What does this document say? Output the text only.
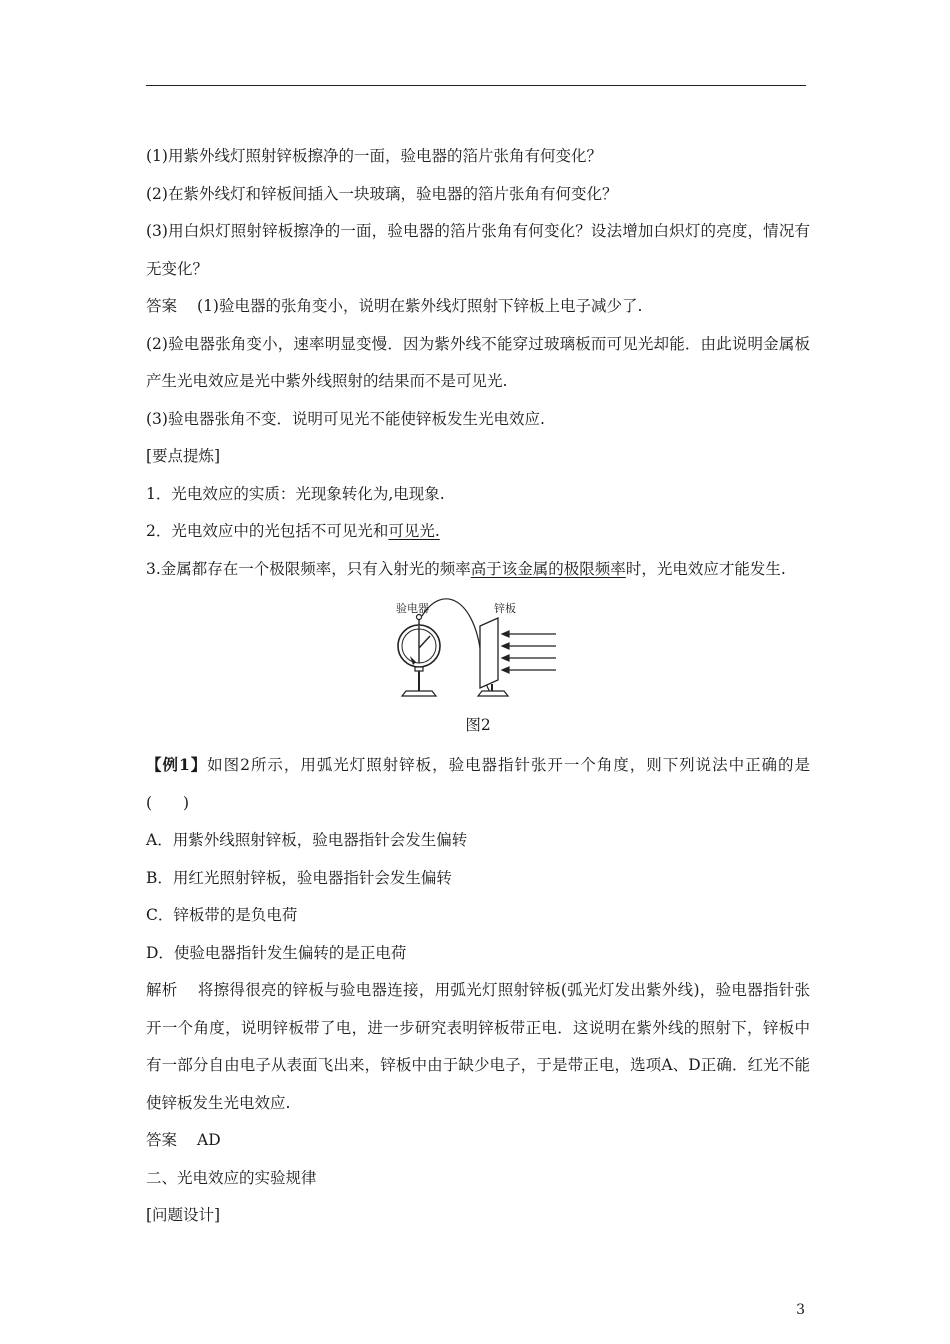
(1)用紫外线灯照射锌板擦净的一面，验电器的箔片张角有何变化？

(2)在紫外线灯和锌板间插入一块玻璃，验电器的箔片张角有何变化？

(3)用白炽灯照射锌板擦净的一面，验电器的箔片张角有何变化？设法增加白炽灯的亮度，情况有无变化？

答案 (1)验电器的张角变小，说明在紫外线灯照射下锌板上电子减少了.

(2)验电器张角变小，速率明显变慢．因为紫外线不能穿过玻璃板而可见光却能．由此说明金属板产生光电效应是光中紫外线照射的结果而不是可见光.

(3)验电器张角不变．说明可见光不能使锌板发生光电效应.

[要点提炼]

1．光电效应的实质：光现象转化为,电现象.

2．光电效应中的光包括不可见光和可见光.

3.金属都存在一个极限频率，只有入射光的频率高于该金属的极限频率时，光电效应才能发生.

验电器	锌板
图2

【例1】如图2所示，用弧光灯照射锌板，验电器指针张开一个角度，则下列说法中正确的是(　　)

A．用紫外线照射锌板，验电器指针会发生偏转

B．用红光照射锌板，验电器指针会发生偏转

C．锌板带的是负电荷

D．使验电器指针发生偏转的是正电荷

解析 将擦得很亮的锌板与验电器连接，用弧光灯照射锌板(弧光灯发出紫外线)，验电器指针张开一个角度，说明锌板带了电，进一步研究表明锌板带正电．这说明在紫外线的照射下，锌板中有一部分自由电子从表面飞出来，锌板中由于缺少电子，于是带正电，选项A、D正确．红光不能使锌板发生光电效应.

答案 AD

二、光电效应的实验规律

[问题设计]

3
